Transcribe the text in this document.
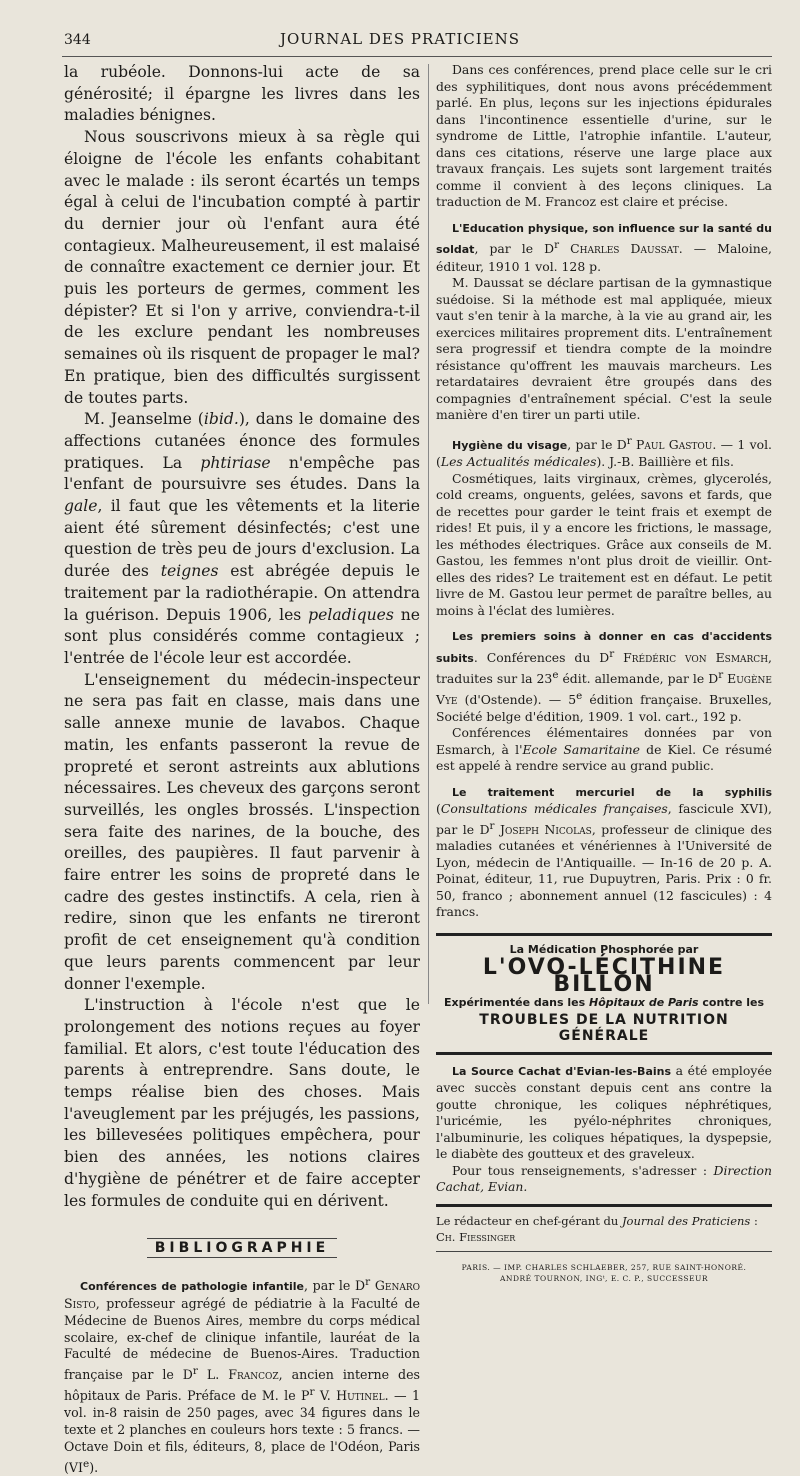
344	JOURNAL DES PRATICIENS

la rubéole. Donnons-lui acte de sa générosité; il épargne les livres dans les maladies bénignes.

Nous souscrivons mieux à sa règle qui éloigne de l'école les enfants cohabitant avec le malade : ils seront écartés un temps égal à celui de l'incubation compté à partir du dernier jour où l'enfant aura été contagieux. Malheureusement, il est malaisé de connaître exactement ce dernier jour. Et puis les porteurs de germes, comment les dépister? Et si l'on y arrive, conviendra-t-il de les exclure pendant les nombreuses semaines où ils risquent de propager le mal? En pratique, bien des difficultés surgissent de toutes parts.

M. Jeanselme (ibid.), dans le domaine des affections cutanées énonce des formules pratiques. La phtiriase n'empêche pas l'enfant de poursuivre ses études. Dans la gale, il faut que les vêtements et la literie aient été sûrement désinfectés; c'est une question de très peu de jours d'exclusion. La durée des teignes est abrégée depuis le traitement par la radiothérapie. On attendra la guérison. Depuis 1906, les peladiques ne sont plus considérés comme contagieux ; l'entrée de l'école leur est accordée.

L'enseignement du médecin-inspecteur ne sera pas fait en classe, mais dans une salle annexe munie de lavabos. Chaque matin, les enfants passeront la revue de propreté et seront astreints aux ablutions nécessaires. Les cheveux des garçons seront surveillés, les ongles brossés. L'inspection sera faite des narines, de la bouche, des oreilles, des paupières. Il faut parvenir à faire entrer les soins de propreté dans le cadre des gestes instinctifs. A cela, rien à redire, sinon que les enfants ne tireront profit de cet enseignement qu'à condition que leurs parents commencent par leur donner l'exemple.

L'instruction à l'école n'est que le prolongement des notions reçues au foyer familial. Et alors, c'est toute l'éducation des parents à entreprendre. Sans doute, le temps réalise bien des choses. Mais l'aveuglement par les préjugés, les passions, les billevesées politiques empêchera, pour bien des années, les notions claires d'hygiène de pénétrer et de faire accepter les formules de conduite qui en dérivent.

BIBLIOGRAPHIE

Conférences de pathologie infantile, par le $D^r$ Genaro Sisto, professeur agrégé de pédiatrie à la Faculté de Médecine de Buenos Aires, membre du corps médical scolaire, ex-chef de clinique infantile, lauréat de la Faculté de médecine de Buenos-Aires. Traduction française par le $D^r$ L. Francoz, ancien interne des hôpitaux de Paris. Préface de M. le $P^r$ V. Hutinel. — 1 vol. in-8 raisin de 250 pages, avec 34 figures dans le texte et 2 planches en couleurs hors texte : 5 francs. — Octave Doin et fils, éditeurs, 8, place de l'Odéon, Paris (VIe).

Dans ces conférences, prend place celle sur le cri des syphilitiques, dont nous avons précédemment parlé. En plus, leçons sur les injections épidurales dans l'incontinence essentielle d'urine, sur le syndrome de Little, l'atrophie infantile. L'auteur, dans ces citations, réserve une large place aux travaux français. Les sujets sont largement traités comme il convient à des leçons cliniques. La traduction de M. Francoz est claire et précise.

L'Education physique, son influence sur la santé du soldat, par le $D^r$ Charles Daussat. — Maloine, éditeur, 1910 1 vol. 128 p.

M. Daussat se déclare partisan de la gymnastique suédoise. Si la méthode est mal appliquée, mieux vaut s'en tenir à la marche, à la vie au grand air, les exercices militaires proprement dits. L'entraînement sera progressif et tiendra compte de la moindre résistance qu'offrent les mauvais marcheurs. Les retardataires devraient être groupés dans des compagnies d'entraînement spécial. C'est la seule manière d'en tirer un parti utile.

Hygiène du visage, par le $D^r$ Paul Gastou. — 1 vol. (Les Actualités médicales). J.-B. Baillière et fils.

Cosmétiques, laits virginaux, crèmes, glycerolés, cold creams, onguents, gelées, savons et fards, que de recettes pour garder le teint frais et exempt de rides! Et puis, il y a encore les frictions, le massage, les méthodes électriques. Grâce aux conseils de M. Gastou, les femmes n'ont plus droit de vieillir. Ont-elles des rides? Le traitement est en défaut. Le petit livre de M. Gastou leur permet de paraître belles, au moins à l'éclat des lumières.

Les premiers soins à donner en cas d'accidents subits. Conférences du $D^r$ Frédéric von Esmarch, traduites sur la 23e édit. allemande, par le $D^r$ Eugène Vye (d'Ostende). — 5e édition française. Bruxelles, Société belge d'édition, 1909. 1 vol. cart., 192 p.

Conférences élémentaires données par von Esmarch, à l'Ecole Samaritaine de Kiel. Ce résumé est appelé à rendre service au grand public.

Le traitement mercuriel de la syphilis (Consultations médicales françaises, fascicule XVI), par le $D^r$ Joseph Nicolas, professeur de clinique des maladies cutanées et vénériennes à l'Université de Lyon, médecin de l'Antiquaille. — In-16 de 20 p. A. Poinat, éditeur, 11, rue Dupuytren, Paris. Prix : 0 fr. 50, franco ; abonnement annuel (12 fascicules) : 4 francs.

La Médication Phosphorée par
L'OVO-LÉCITHINE BILLON
Expérimentée dans les Hôpitaux de Paris contre les
TROUBLES DE LA NUTRITION GÉNÉRALE

La Source Cachat d'Evian-les-Bains a été employée avec succès constant depuis cent ans contre la goutte chronique, les coliques néphrétiques, l'uricémie, les pyélo-néphrites chroniques, l'albuminurie, les coliques hépatiques, la dyspepsie, le diabète des goutteux et des graveleux.

Pour tous renseignements, s'adresser : Direction Cachat, Evian.

Le rédacteur en chef-gérant du Journal des Praticiens : Ch. Fiessinger
PARIS. — IMP. CHARLES SCHLAEBER, 257, RUE SAINT-HONORÉ.
ANDRÉ TOURNON, INGᵗ, E. C. P., SUCCESSEUR
